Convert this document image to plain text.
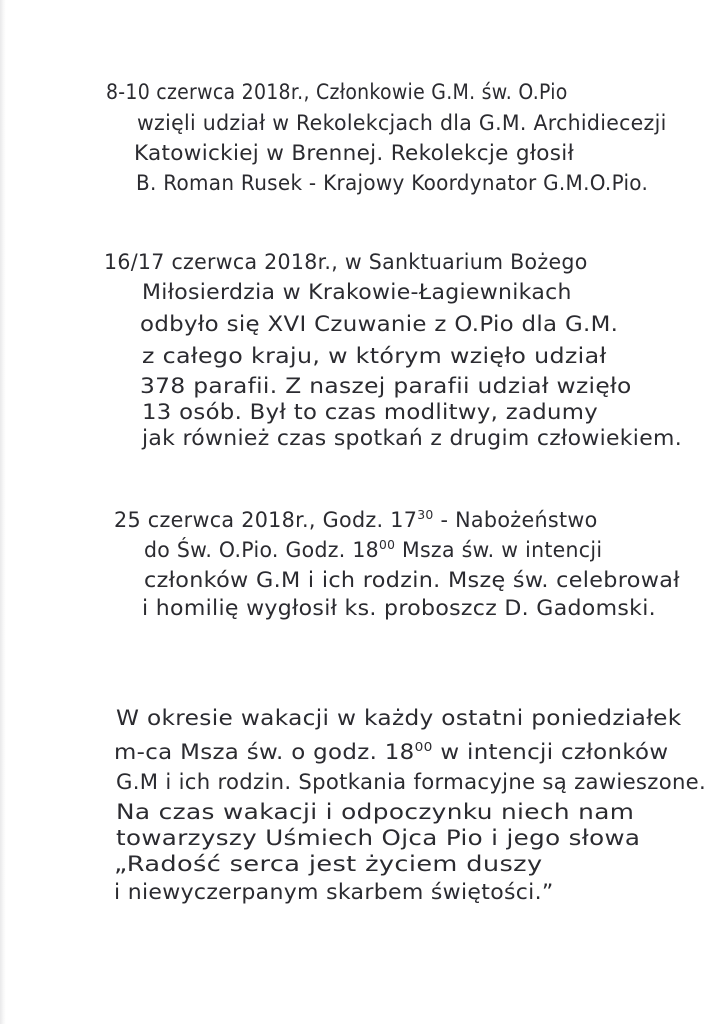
8-10 czerwca 2018r., Członkowie G.M. św. O.Pio
wzięli udział w Rekolekcjach dla G.M. Archidiecezji
Katowickiej w Brennej. Rekolekcje głosił
B. Roman Rusek - Krajowy Koordynator G.M.O.Pio.
16/17 czerwca 2018r., w Sanktuarium Bożego
Miłosierdzia w Krakowie-Łagiewnikach
odbyło się XVI Czuwanie z O.Pio dla G.M.
z całego kraju, w którym wzięło udział
378 parafii. Z naszej parafii udział wzięło
13 osób. Był to czas modlitwy, zadumy
jak również czas spotkań z drugim człowiekiem.
25 czerwca 2018r., Godz. $17^{30}$ - Nabożeństwo
do Św. O.Pio. Godz. $18^{00}$ Msza św. w intencji
członków G.M i ich rodzin. Mszę św. celebrował
i homilię wygłosił ks. proboszcz D. Gadomski.
W okresie wakacji w każdy ostatni poniedziałek
m-ca Msza św. o godz. $18^{00}$ w intencji członków
G.M i ich rodzin. Spotkania formacyjne są zawieszone.
Na czas wakacji i odpoczynku niech nam
towarzyszy Uśmiech Ojca Pio i jego słowa
„Radość serca jest życiem duszy
i niewyczerpanym skarbem świętości.”
